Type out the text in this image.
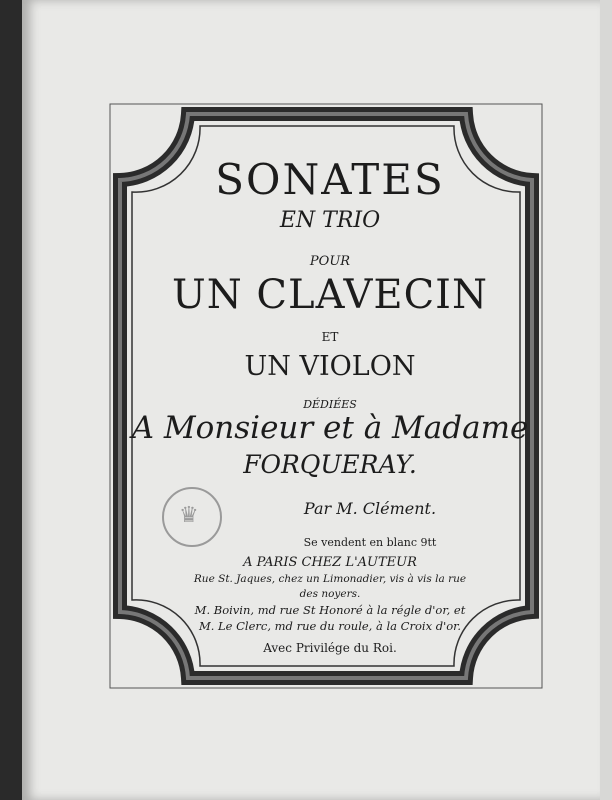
SONATES
EN TRIO
POUR
UN CLAVECIN
ET
UN VIOLON
DÉDIÉES
A Monsieur et à Madame
FORQUERAY.
Par M. Clément.
Se vendent en blanc 9tt
A PARIS CHEZ L'AUTEUR
Rue St. Jaques, chez un Limonadier, vis à vis la rue
des noyers.
M. Boivin, md rue St Honoré à la régle d'or, et
M. Le Clerc, md rue du roule, à la Croix d'or.
Avec Privilége du Roi.
♛
